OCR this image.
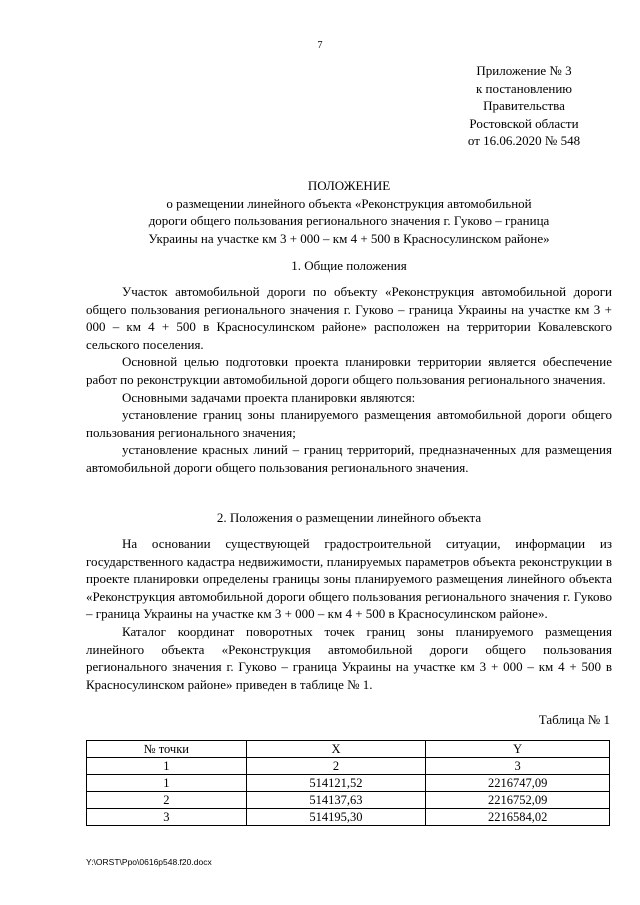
7
Приложение № 3
к постановлению
Правительства
Ростовской области
от 16.06.2020 № 548
ПОЛОЖЕНИЕ
о размещении линейного объекта «Реконструкция автомобильной
дороги общего пользования регионального значения г. Гуково – граница
Украины на участке км 3 + 000 – км 4 + 500 в Красносулинском районе»
1. Общие положения

Участок автомобильной дороги по объекту «Реконструкция автомобильной дороги общего пользования регионального значения г. Гуково – граница Украины на участке км 3 + 000 – км 4 + 500 в Красносулинском районе» расположен на территории Ковалевского сельского поселения.

Основной целью подготовки проекта планировки территории является обеспечение работ по реконструкции автомобильной дороги общего пользования регионального значения.

Основными задачами проекта планировки являются:

установление границ зоны планируемого размещения автомобильной дороги общего пользования регионального значения;

установление красных линий – границ территорий, предназначенных для размещения автомобильной дороги общего пользования регионального значения.

2. Положения о размещении линейного объекта

На основании существующей градостроительной ситуации, информации из государственного кадастра недвижимости, планируемых параметров объекта реконструкции в проекте планировки определены границы зоны планируемого размещения линейного объекта «Реконструкция автомобильной дороги общего пользования регионального значения г. Гуково – граница Украины на участке км 3 + 000 – км 4 + 500 в Красносулинском районе».

Каталог координат поворотных точек границ зоны планируемого размещения линейного объекта «Реконструкция автомобильной дороги общего пользования регионального значения г. Гуково – граница Украины на участке км 3 + 000 – км 4 + 500 в Красносулинском районе» приведен в таблице № 1.

Таблица № 1
№ точки	X	Y
1	2	3
1	514121,52	2216747,09
2	514137,63	2216752,09
3	514195,30	2216584,02
Y:\ORST\Ppo\0616p548.f20.docx
